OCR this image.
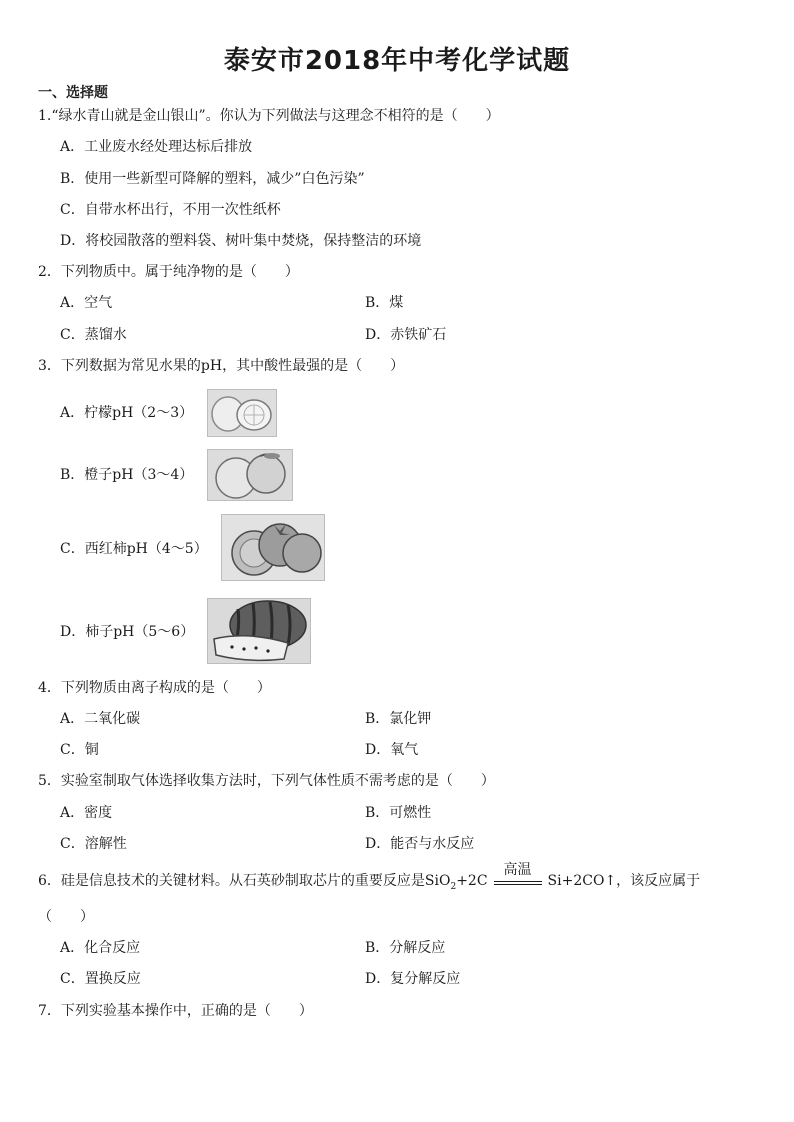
泰安市2018年中考化学试题
一、选择题
1.“绿水青山就是金山银山”。你认为下列做法与这理念不相符的是（　　）
A．工业废水经处理达标后排放
B．使用一些新型可降解的塑料，减少”白色污染”
C．自带水杯出行，不用一次性纸杯
D．将校园散落的塑料袋、树叶集中焚烧，保持整洁的环境
2．下列物质中。属于纯净物的是（　　）
A．空气	B．煤
C．蒸馏水	D．赤铁矿石
3．下列数据为常见水果的pH，其中酸性最强的是（　　）
A．柠檬pH（2～3）
B．橙子pH（3～4）
C．西红柿pH（4～5）
D．柿子pH（5～6）
4．下列物质由离子构成的是（　　）
A．二氧化碳	B．氯化钾
C．铜	D．氧气
5．实验室制取气体选择收集方法时，下列气体性质不需考虑的是（　　）
A．密度	B．可燃性
C．溶解性	D．能否与水反应
6．硅是信息技术的关键材料。从石英砂制取芯片的重要反应是SiO$_2$+2C
高温
Si+2CO↑，该反应属于
（　　）
A．化合反应	B．分解反应
C．置换反应	D．复分解反应
7．下列实验基本操作中，正确的是（　　）
